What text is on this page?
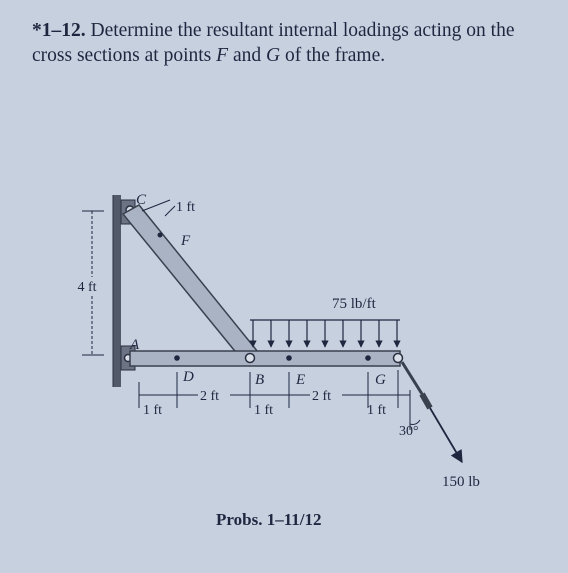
*1–12. Determine the resultant internal loadings acting on the cross sections at points F and G of the frame.
4 ft
1 ft
75 lb/ft
30°
150 lb
1 ft
2 ft
1 ft
2 ft
1 ft
C
F
A
D	B E	G
Probs. 1–11/12
